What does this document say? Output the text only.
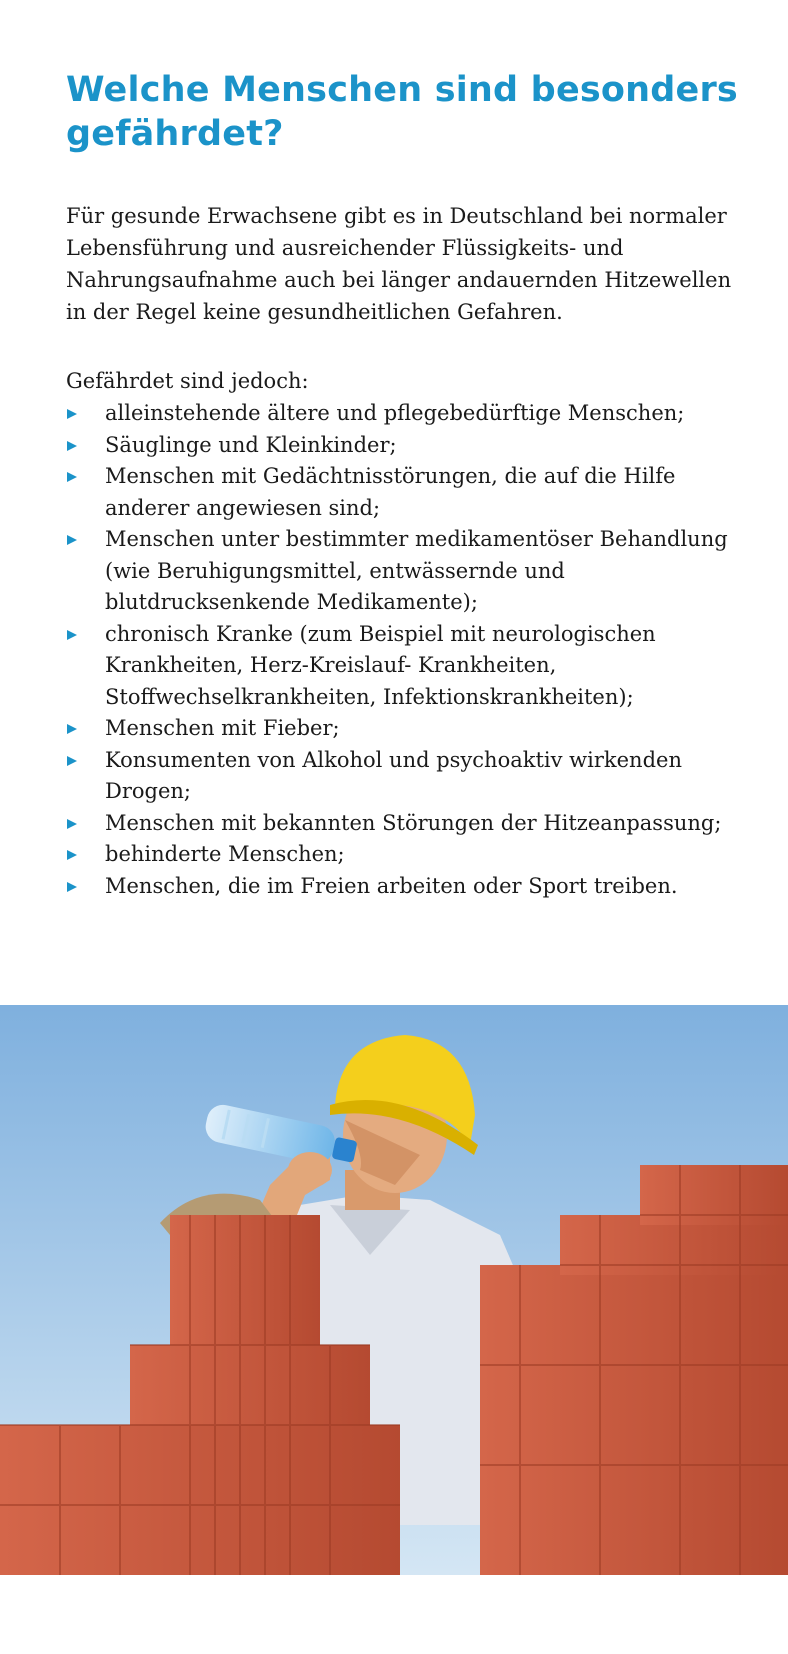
Welche Menschen sind besonders gefährdet?

Für gesunde Erwachsene gibt es in Deutschland bei normaler Lebensführung und ausreichender Flüssigkeits- und Nahrungsaufnahme auch bei länger andauernden Hitzewellen in der Regel keine gesundheitlichen Gefahren.

Gefährdet sind jedoch:

alleinstehende ältere und pflegebedürftige Menschen;
Säuglinge und Kleinkinder;
Menschen mit Gedächtnisstörungen, die auf die Hilfe anderer angewiesen sind;
Menschen unter bestimmter medikamentöser Behandlung (wie Beruhigungsmittel, entwässernde und blutdrucksenkende Medikamente);
chronisch Kranke (zum Beispiel mit neurologischen Krankheiten, Herz-Kreislauf- Krankheiten, Stoffwechselkrankheiten, Infektionskrankheiten);
Menschen mit Fieber;
Konsumenten von Alkohol und psychoaktiv wirkenden Drogen;
Menschen mit bekannten Störungen der Hitzeanpassung;
behinderte Menschen;
Menschen, die im Freien arbeiten oder Sport treiben.
